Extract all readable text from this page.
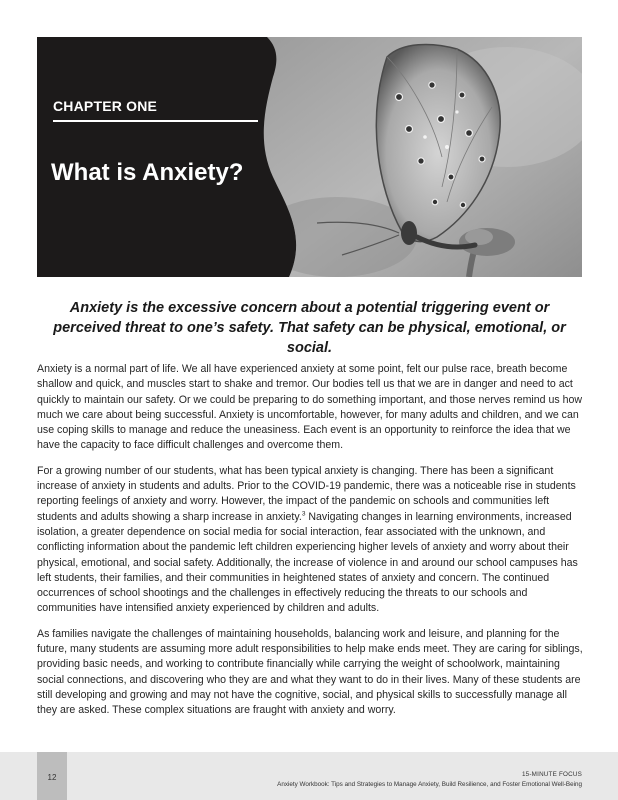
CHAPTER ONE
What is Anxiety?

Anxiety is the excessive concern about a potential triggering event or perceived threat to one’s safety. That safety can be physical, emotional, or social.

Anxiety is a normal part of life. We all have experienced anxiety at some point, felt our pulse race, breath become shallow and quick, and muscles start to shake and tremor. Our bodies tell us that we are in danger and need to act quickly to maintain our safety. Or we could be preparing to do something important, and those nerves remind us how much we care about being successful. Anxiety is uncomfortable, however, for many adults and children, and we can use coping skills to manage and reduce the uneasiness. Each event is an opportunity to reinforce the idea that we have the capacity to face difficult challenges and overcome them.

For a growing number of our students, what has been typical anxiety is changing. There has been a significant increase of anxiety in students and adults. Prior to the COVID-19 pandemic, there was a noticeable rise in students reporting feelings of anxiety and worry. However, the impact of the pandemic on schools and communities left students and adults showing a sharp increase in anxiety.$^3$ Navigating changes in learning environments, increased isolation, a greater dependence on social media for social interaction, fear associated with the unknown, and conflicting information about the pandemic left children experiencing higher levels of anxiety and worry about their physical, emotional, and social safety. Additionally, the increase of violence in and around our school campuses has left students, their families, and their communities in heightened states of anxiety and concern. The continued occurrences of school shootings and the challenges in effectively reducing the threats to our schools and communities have intensified anxiety experienced by children and adults.

As families navigate the challenges of maintaining households, balancing work and leisure, and planning for the future, many students are assuming more adult responsibilities to help make ends meet. They are caring for siblings, providing basic needs, and working to contribute financially while carrying the weight of schoolwork, maintaining social connections, and discovering who they are and what they want to do in their lives. Many of these students are still developing and growing and may not have the cognitive, social, and physical skills to successfully manage all they are asked. These complex situations are fraught with anxiety and worry.

12	15-MINUTE FOCUS
Anxiety Workbook: Tips and Strategies to Manage Anxiety, Build Resilience, and Foster Emotional Well-Being
